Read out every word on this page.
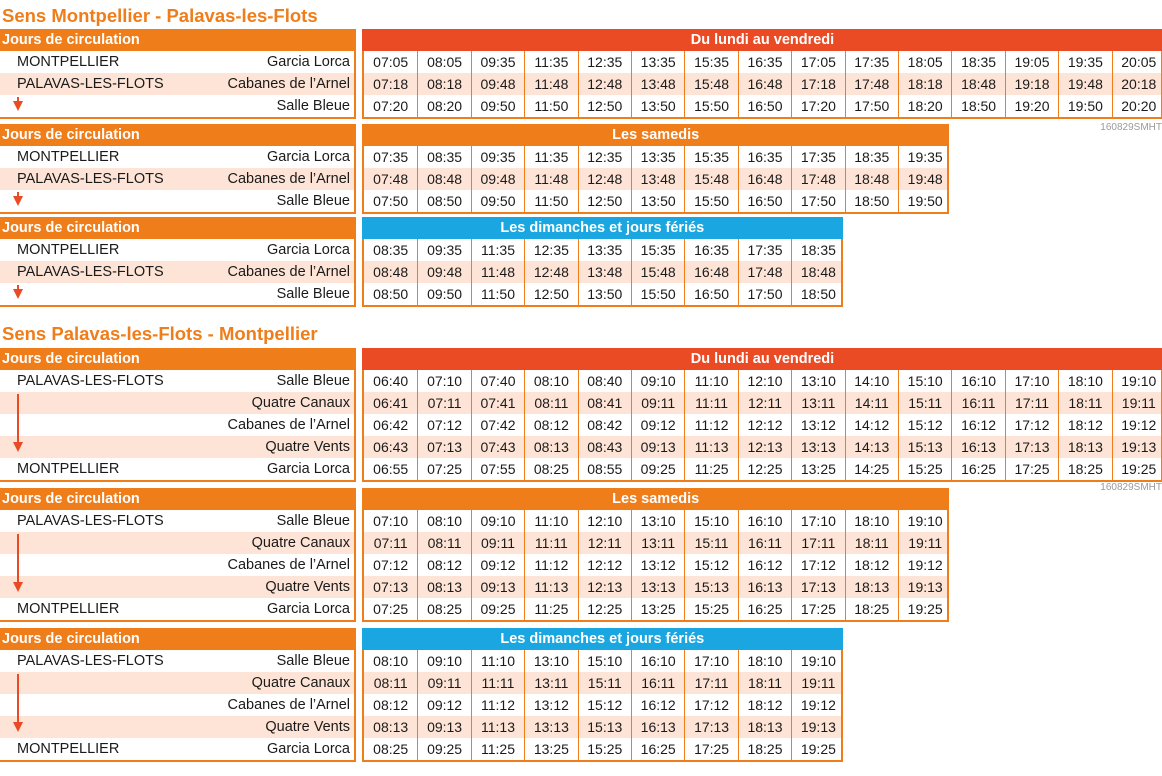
Sens Montpellier - Palavas-les-Flots
Jours de circulation	Du lundi au vendredi
07:05	08:05	09:35	11:35	12:35	13:35	15:35	16:35	17:05	17:35	18:05	18:35	19:05	19:35	20:05
07:18	08:18	09:48	11:48	12:48	13:48	15:48	16:48	17:18	17:48	18:18	18:48	19:18	19:48	20:18
07:20	08:20	09:50	11:50	12:50	13:50	15:50	16:50	17:20	17:50	18:20	18:50	19:20	19:50	20:20
MONTPELLIER	Garcia Lorca
PALAVAS-LES-FLOTS	Cabanes de l’Arnel
Salle Bleue
160829SMHT
Jours de circulation	Les samedis
07:35	08:35	09:35	11:35	12:35	13:35	15:35	16:35	17:35	18:35	19:35
07:48	08:48	09:48	11:48	12:48	13:48	15:48	16:48	17:48	18:48	19:48
07:50	08:50	09:50	11:50	12:50	13:50	15:50	16:50	17:50	18:50	19:50
MONTPELLIER	Garcia Lorca
PALAVAS-LES-FLOTS	Cabanes de l’Arnel
Salle Bleue
Jours de circulation	Les dimanches et jours fériés
08:35	09:35	11:35	12:35	13:35	15:35	16:35	17:35	18:35
08:48	09:48	11:48	12:48	13:48	15:48	16:48	17:48	18:48
08:50	09:50	11:50	12:50	13:50	15:50	16:50	17:50	18:50
MONTPELLIER	Garcia Lorca
PALAVAS-LES-FLOTS	Cabanes de l’Arnel
Salle Bleue
Sens Palavas-les-Flots - Montpellier
Jours de circulation	Du lundi au vendredi
06:40	07:10	07:40	08:10	08:40	09:10	11:10	12:10	13:10	14:10	15:10	16:10	17:10	18:10	19:10
06:41	07:11	07:41	08:11	08:41	09:11	11:11	12:11	13:11	14:11	15:11	16:11	17:11	18:11	19:11
06:42	07:12	07:42	08:12	08:42	09:12	11:12	12:12	13:12	14:12	15:12	16:12	17:12	18:12	19:12
06:43	07:13	07:43	08:13	08:43	09:13	11:13	12:13	13:13	14:13	15:13	16:13	17:13	18:13	19:13
06:55	07:25	07:55	08:25	08:55	09:25	11:25	12:25	13:25	14:25	15:25	16:25	17:25	18:25	19:25
PALAVAS-LES-FLOTS	Salle Bleue
Quatre Canaux
Cabanes de l’Arnel
Quatre Vents
MONTPELLIER	Garcia Lorca
160829SMHT
Jours de circulation	Les samedis
07:10	08:10	09:10	11:10	12:10	13:10	15:10	16:10	17:10	18:10	19:10
07:11	08:11	09:11	11:11	12:11	13:11	15:11	16:11	17:11	18:11	19:11
07:12	08:12	09:12	11:12	12:12	13:12	15:12	16:12	17:12	18:12	19:12
07:13	08:13	09:13	11:13	12:13	13:13	15:13	16:13	17:13	18:13	19:13
07:25	08:25	09:25	11:25	12:25	13:25	15:25	16:25	17:25	18:25	19:25
PALAVAS-LES-FLOTS	Salle Bleue
Quatre Canaux
Cabanes de l’Arnel
Quatre Vents
MONTPELLIER	Garcia Lorca
Jours de circulation	Les dimanches et jours fériés
08:10	09:10	11:10	13:10	15:10	16:10	17:10	18:10	19:10
08:11	09:11	11:11	13:11	15:11	16:11	17:11	18:11	19:11
08:12	09:12	11:12	13:12	15:12	16:12	17:12	18:12	19:12
08:13	09:13	11:13	13:13	15:13	16:13	17:13	18:13	19:13
08:25	09:25	11:25	13:25	15:25	16:25	17:25	18:25	19:25
PALAVAS-LES-FLOTS	Salle Bleue
Quatre Canaux
Cabanes de l’Arnel
Quatre Vents
MONTPELLIER	Garcia Lorca
